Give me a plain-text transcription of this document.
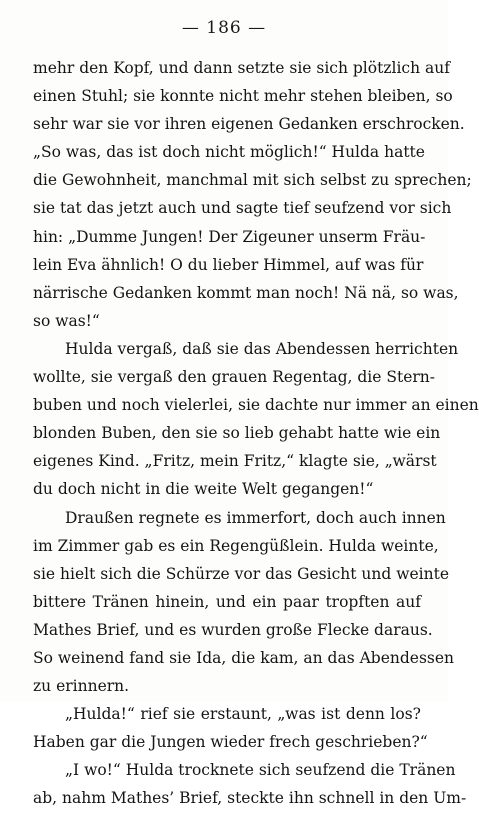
— 186 —
mehr den Kopf, und dann setzte sie sich plötzlich auf
einen Stuhl; sie konnte nicht mehr stehen bleiben, so
sehr war sie vor ihren eigenen Gedanken erschrocken.
„So was, das ist doch nicht möglich!“ Hulda hatte
die Gewohnheit, manchmal mit sich selbst zu sprechen;
sie tat das jetzt auch und sagte tief seufzend vor sich
hin: „Dumme Jungen! Der Zigeuner unserm Fräu-
lein Eva ähnlich! O du lieber Himmel, auf was für
närrische Gedanken kommt man noch! Nä nä, so was,
so was!“
Hulda vergaß, daß sie das Abendessen herrichten
wollte, sie vergaß den grauen Regentag, die Stern-
buben und noch vielerlei, sie dachte nur immer an einen
blonden Buben, den sie so lieb gehabt hatte wie ein
eigenes Kind. „Fritz, mein Fritz,“ klagte sie, „wärst
du doch nicht in die weite Welt gegangen!“
Draußen regnete es immerfort, doch auch innen
im Zimmer gab es ein Regengüßlein. Hulda weinte,
sie hielt sich die Schürze vor das Gesicht und weinte
bittere Tränen hinein, und ein paar tropften auf
Mathes Brief, und es wurden große Flecke daraus.
So weinend fand sie Ida, die kam, an das Abendessen
zu erinnern.
„Hulda!“ rief sie erstaunt, „was ist denn los?
Haben gar die Jungen wieder frech geschrieben?“
„I wo!“ Hulda trocknete sich seufzend die Tränen
ab, nahm Mathes’ Brief, steckte ihn schnell in den Um-
